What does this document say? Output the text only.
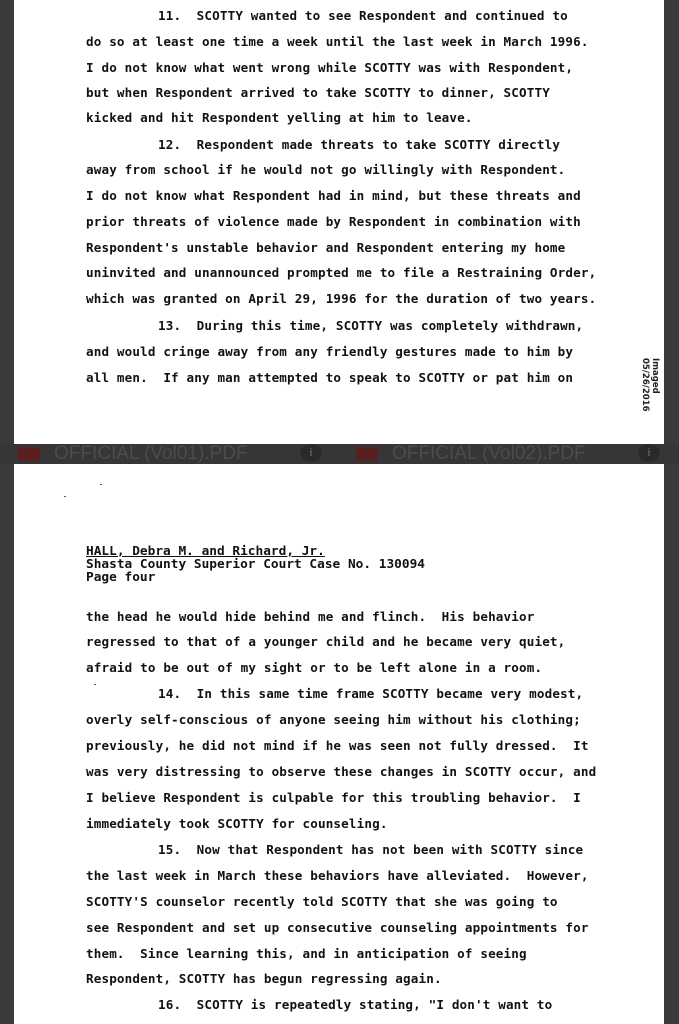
11.  SCOTTY wanted to see Respondent and continued to
do so at least one time a week until the last week in March 1996.
I do not know what went wrong while SCOTTY was with Respondent,
but when Respondent arrived to take SCOTTY to dinner, SCOTTY
kicked and hit Respondent yelling at him to leave.
12.  Respondent made threats to take SCOTTY directly
away from school if he would not go willingly with Respondent.
I do not know what Respondent had in mind, but these threats and
prior threats of violence made by Respondent in combination with
Respondent's unstable behavior and Respondent entering my home
uninvited and unannounced prompted me to file a Restraining Order,
which was granted on April 29, 1996 for the duration of two years.
13.  During this time, SCOTTY was completely withdrawn,
and would cringe away from any friendly gestures made to him by
all men.  If any man attempted to speak to SCOTTY or pat him on	Imaged 05/26/2016
OFFICIAL (Vol01).PDF	i	OFFICIAL (Vol02).PDF	i
HALL, Debra M. and Richard, Jr.
Shasta County Superior Court Case No. 130094
Page four
the head he would hide behind me and flinch.  His behavior
regressed to that of a younger child and he became very quiet,
afraid to be out of my sight or to be left alone in a room.
14.  In this same time frame SCOTTY became very modest,
overly self-conscious of anyone seeing him without his clothing;
previously, he did not mind if he was seen not fully dressed.  It
was very distressing to observe these changes in SCOTTY occur, and
I believe Respondent is culpable for this troubling behavior.  I
immediately took SCOTTY for counseling.
15.  Now that Respondent has not been with SCOTTY since
the last week in March these behaviors have alleviated.  However,
SCOTTY'S counselor recently told SCOTTY that she was going to
see Respondent and set up consecutive counseling appointments for
them.  Since learning this, and in anticipation of seeing
Respondent, SCOTTY has begun regressing again.
16.  SCOTTY is repeatedly stating, "I don't want to
